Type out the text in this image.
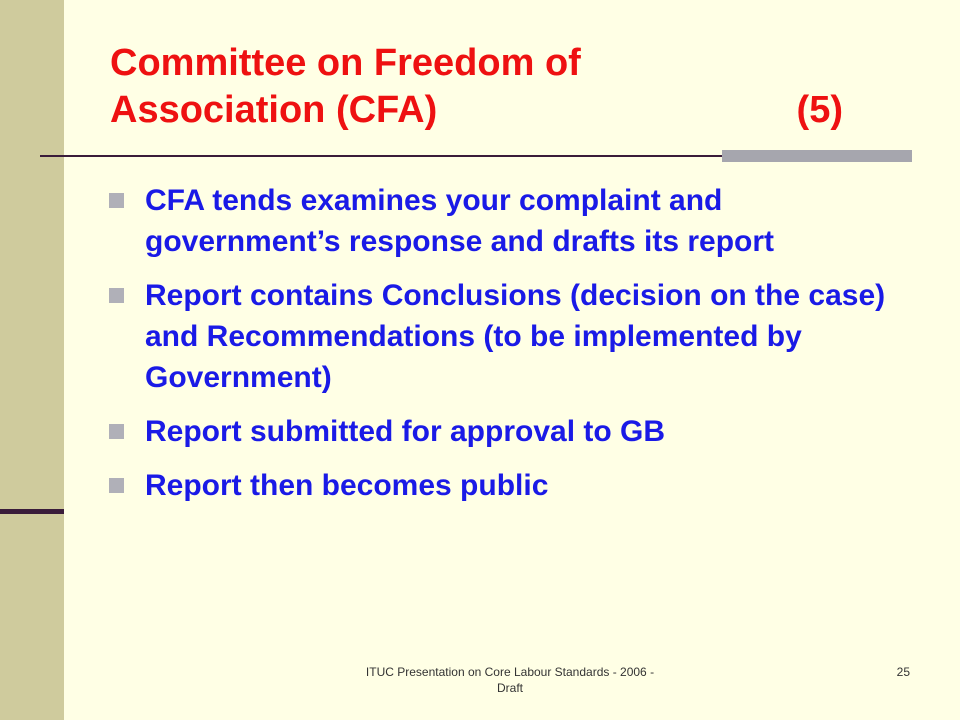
Committee on Freedom of
Association (CFA)	(5)
CFA tends examines your complaint and government’s response and drafts its report
Report contains Conclusions (decision on the case) and Recommendations (to be implemented by Government)
Report submitted for approval to GB
Report then becomes public
ITUC Presentation on Core Labour Standards - 2006 - Draft
25
